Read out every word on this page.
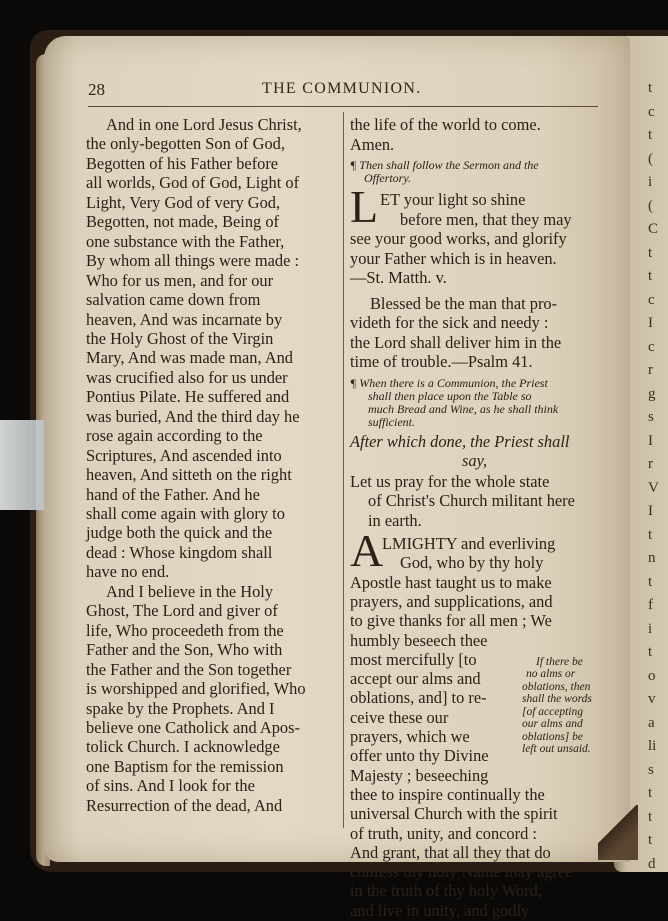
t
c
t
(
i
(
C
t
t
c
I
c
r
g
s
I
r
V
I
t
n
t
f
i
t
o
v
a
li
s
t
t
t
d
28	THE COMMUNION.
And in one Lord Jesus Christ,
the only-begotten Son of God,
Begotten of his Father before
all worlds, God of God, Light of
Light, Very God of very God,
Begotten, not made, Being of
one substance with the Father,
By whom all things were made :
Who for us men, and for our
salvation came down from
heaven, And was incarnate by
the Holy Ghost of the Virgin
Mary, And was made man, And
was crucified also for us under
Pontius Pilate. He suffered and
was buried, And the third day he
rose again according to the
Scriptures, And ascended into
heaven, And sitteth on the right
hand of the Father. And he
shall come again with glory to
judge both the quick and the
dead : Whose kingdom shall
have no end.
And I believe in the Holy
Ghost, The Lord and giver of
life, Who proceedeth from the
Father and the Son, Who with
the Father and the Son together
is worshipped and glorified, Who
spake by the Prophets. And I
believe one Catholick and Apos-
tolick Church. I acknowledge
one Baptism for the remission
of sins. And I look for the
Resurrection of the dead, And
the life of the world to come.
Amen.
¶ Then shall follow the Sermon and the
Offertory.
L ET your light so shine
before men, that they may
see your good works, and glorify
your Father which is in heaven.
—St. Matth. v.
Blessed be the man that pro-
videth for the sick and needy :
the Lord shall deliver him in the
time of trouble.—Psalm 41.
¶ When there is a Communion, the Priest
shall then place upon the Table so
much Bread and Wine, as he shall think
sufficient.
After which done, the Priest shall
say,
Let us pray for the whole state
of Christ's Church militant here
in earth.
A
LMIGHTY and everliving
God, who by thy holy
Apostle hast taught us to make
prayers, and supplications, and
to give thanks for all men ; We
humbly beseech thee
most mercifully [to
accept our alms and
oblations, and] to re-
ceive these our
prayers, which we
offer unto thy Divine
Majesty ; beseeching
thee to inspire continually the
universal Church with the spirit
of truth, unity, and concord :
And grant, that all they that do
confess thy holy Name may agree
in the truth of thy holy Word,
and live in unity, and godly
If there be
no alms or
oblations, then
shall the words
[of accepting
our alms and
oblations] be
left out unsaid.
